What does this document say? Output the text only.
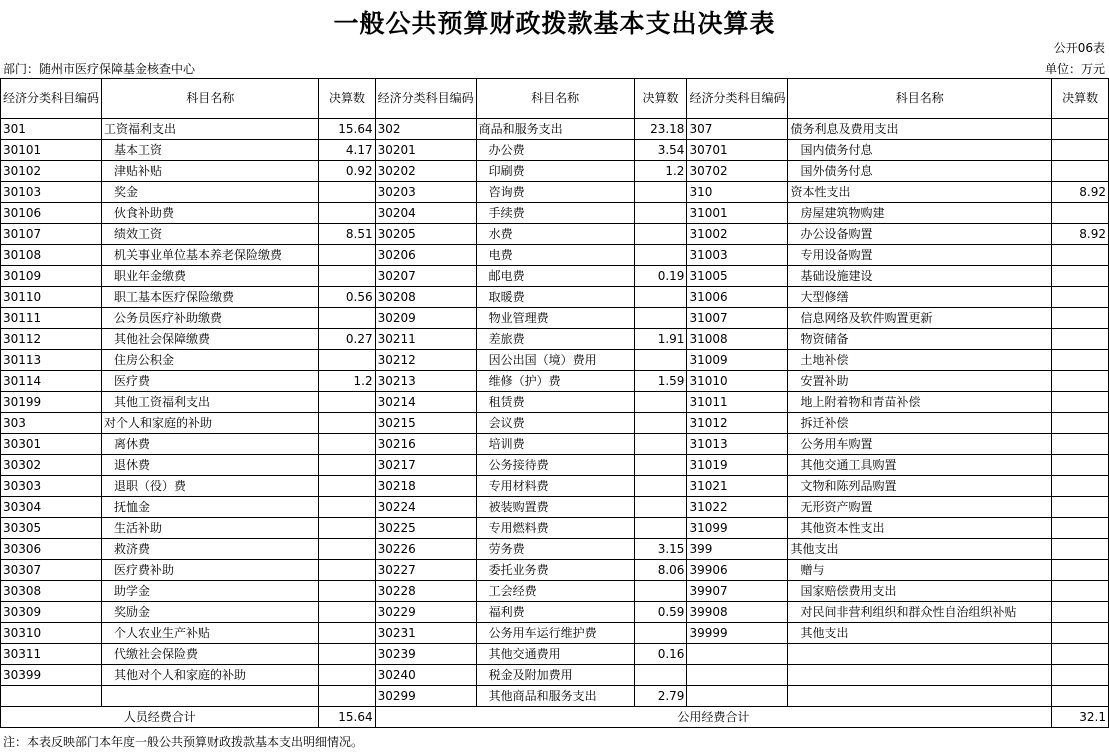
一般公共预算财政拨款基本支出决算表
公开06表
部门：随州市医疗保障基金核查中心	单位：万元
经济分类科目编码	科目名称	决算数	经济分类科目编码	科目名称	决算数	经济分类科目编码	科目名称	决算数
301	工资福利支出	15.64	302	商品和服务支出	23.18	307	债务利息及费用支出	
30101	基本工资	4.17	30201	办公费	3.54	30701	国内债务付息	
30102	津贴补贴	0.92	30202	印刷费	1.2	30702	国外债务付息	
30103	奖金		30203	咨询费		310	资本性支出	8.92
30106	伙食补助费		30204	手续费		31001	房屋建筑物购建	
30107	绩效工资	8.51	30205	水费		31002	办公设备购置	8.92
30108	机关事业单位基本养老保险缴费		30206	电费		31003	专用设备购置	
30109	职业年金缴费		30207	邮电费	0.19	31005	基础设施建设	
30110	职工基本医疗保险缴费	0.56	30208	取暖费		31006	大型修缮	
30111	公务员医疗补助缴费		30209	物业管理费		31007	信息网络及软件购置更新	
30112	其他社会保障缴费	0.27	30211	差旅费	1.91	31008	物资储备	
30113	住房公积金		30212	因公出国（境）费用		31009	土地补偿	
30114	医疗费	1.2	30213	维修（护）费	1.59	31010	安置补助	
30199	其他工资福利支出		30214	租赁费		31011	地上附着物和青苗补偿	
303	对个人和家庭的补助		30215	会议费		31012	拆迁补偿	
30301	离休费		30216	培训费		31013	公务用车购置	
30302	退休费		30217	公务接待费		31019	其他交通工具购置	
30303	退职（役）费		30218	专用材料费		31021	文物和陈列品购置	
30304	抚恤金		30224	被装购置费		31022	无形资产购置	
30305	生活补助		30225	专用燃料费		31099	其他资本性支出	
30306	救济费		30226	劳务费	3.15	399	其他支出	
30307	医疗费补助		30227	委托业务费	8.06	39906	赠与	
30308	助学金		30228	工会经费		39907	国家赔偿费用支出	
30309	奖励金		30229	福利费	0.59	39908	对民间非营利组织和群众性自治组织补贴	
30310	个人农业生产补贴		30231	公务用车运行维护费		39999	其他支出	
30311	代缴社会保险费		30239	其他交通费用	0.16			
30399	其他对个人和家庭的补助		30240	税金及附加费用				
			30299	其他商品和服务支出	2.79			
人员经费合计		15.64	公用经费合计					32.1
注：本表反映部门本年度一般公共预算财政拨款基本支出明细情况。
